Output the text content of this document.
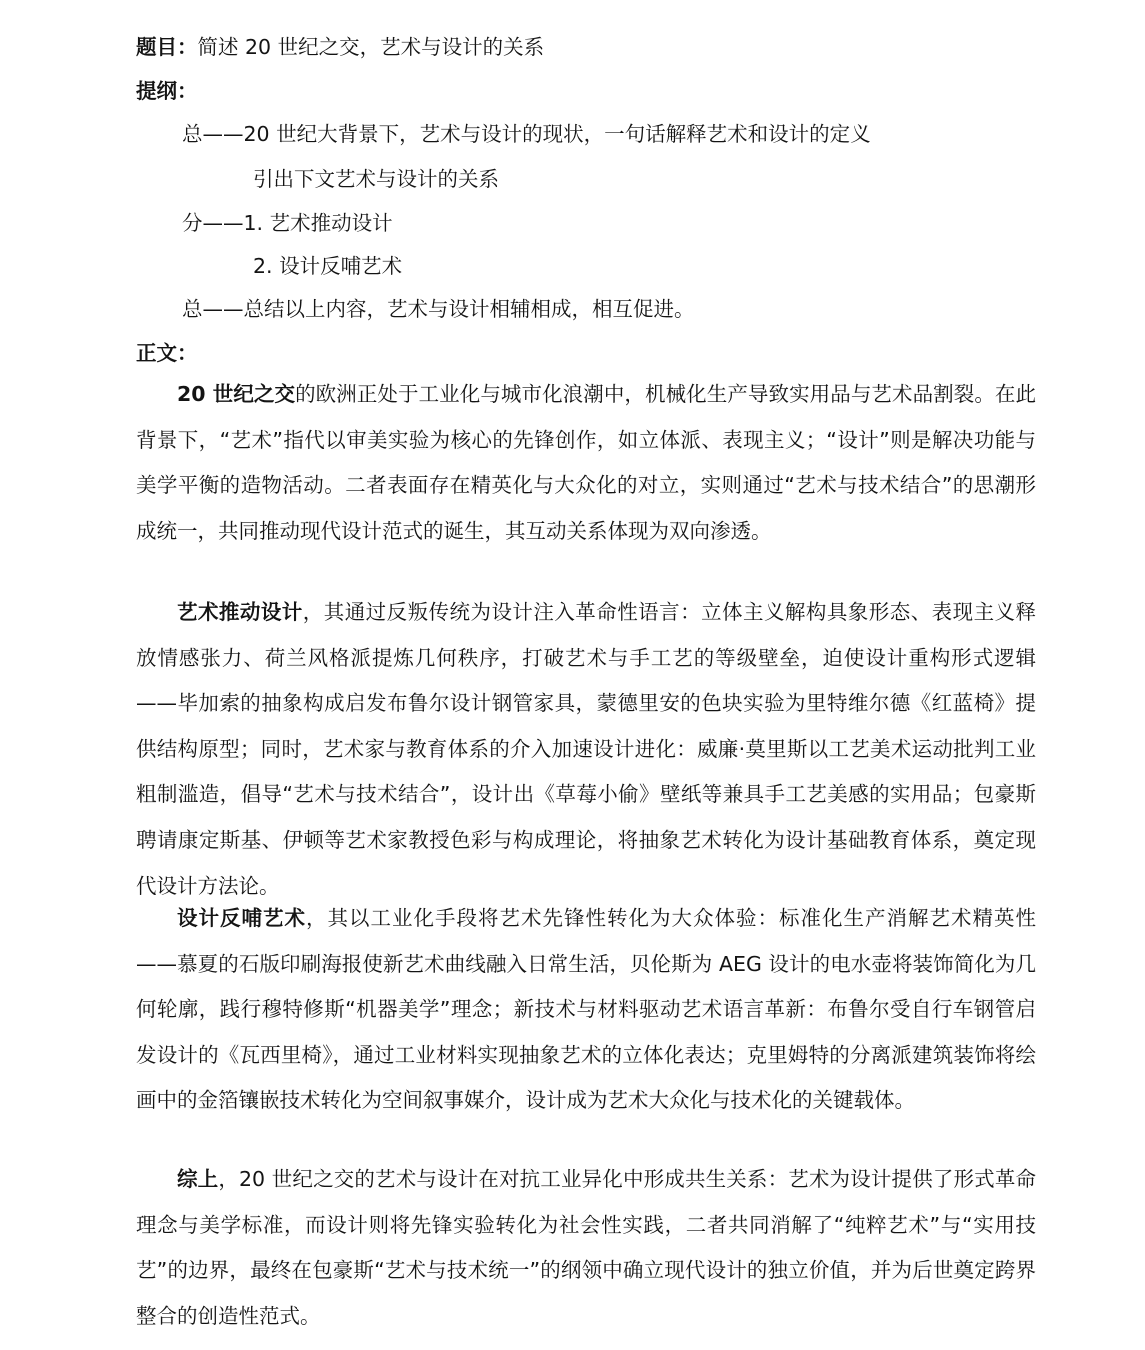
题目：简述 20 世纪之交，艺术与设计的关系
提纲：
总——20 世纪大背景下，艺术与设计的现状，一句话解释艺术和设计的定义
引出下文艺术与设计的关系
分——1. 艺术推动设计
2. 设计反哺艺术
总——总结以上内容，艺术与设计相辅相成，相互促进。
正文：

20 世纪之交的欧洲正处于工业化与城市化浪潮中，机械化生产导致实用品与艺术品割裂。在此背景下，“艺术”指代以审美实验为核心的先锋创作，如立体派、表现主义；“设计”则是解决功能与美学平衡的造物活动。二者表面存在精英化与大众化的对立，实则通过“艺术与技术结合”的思潮形成统一，共同推动现代设计范式的诞生，其互动关系体现为双向渗透。

艺术推动设计，其通过反叛传统为设计注入革命性语言：立体主义解构具象形态、表现主义释放情感张力、荷兰风格派提炼几何秩序，打破艺术与手工艺的等级壁垒，迫使设计重构形式逻辑——毕加索的抽象构成启发布鲁尔设计钢管家具，蒙德里安的色块实验为里特维尔德《红蓝椅》提供结构原型；同时，艺术家与教育体系的介入加速设计进化：威廉·莫里斯以工艺美术运动批判工业粗制滥造，倡导“艺术与技术结合”，设计出《草莓小偷》壁纸等兼具手工艺美感的实用品；包豪斯聘请康定斯基、伊顿等艺术家教授色彩与构成理论，将抽象艺术转化为设计基础教育体系，奠定现代设计方法论。

设计反哺艺术，其以工业化手段将艺术先锋性转化为大众体验：标准化生产消解艺术精英性——慕夏的石版印刷海报使新艺术曲线融入日常生活，贝伦斯为 AEG 设计的电水壶将装饰简化为几何轮廓，践行穆特修斯“机器美学”理念；新技术与材料驱动艺术语言革新：布鲁尔受自行车钢管启发设计的《瓦西里椅》，通过工业材料实现抽象艺术的立体化表达；克里姆特的分离派建筑装饰将绘画中的金箔镶嵌技术转化为空间叙事媒介，设计成为艺术大众化与技术化的关键载体。

综上，20 世纪之交的艺术与设计在对抗工业异化中形成共生关系：艺术为设计提供了形式革命理念与美学标准，而设计则将先锋实验转化为社会性实践，二者共同消解了“纯粹艺术”与“实用技艺”的边界，最终在包豪斯“艺术与技术统一”的纲领中确立现代设计的独立价值，并为后世奠定跨界整合的创造性范式。
